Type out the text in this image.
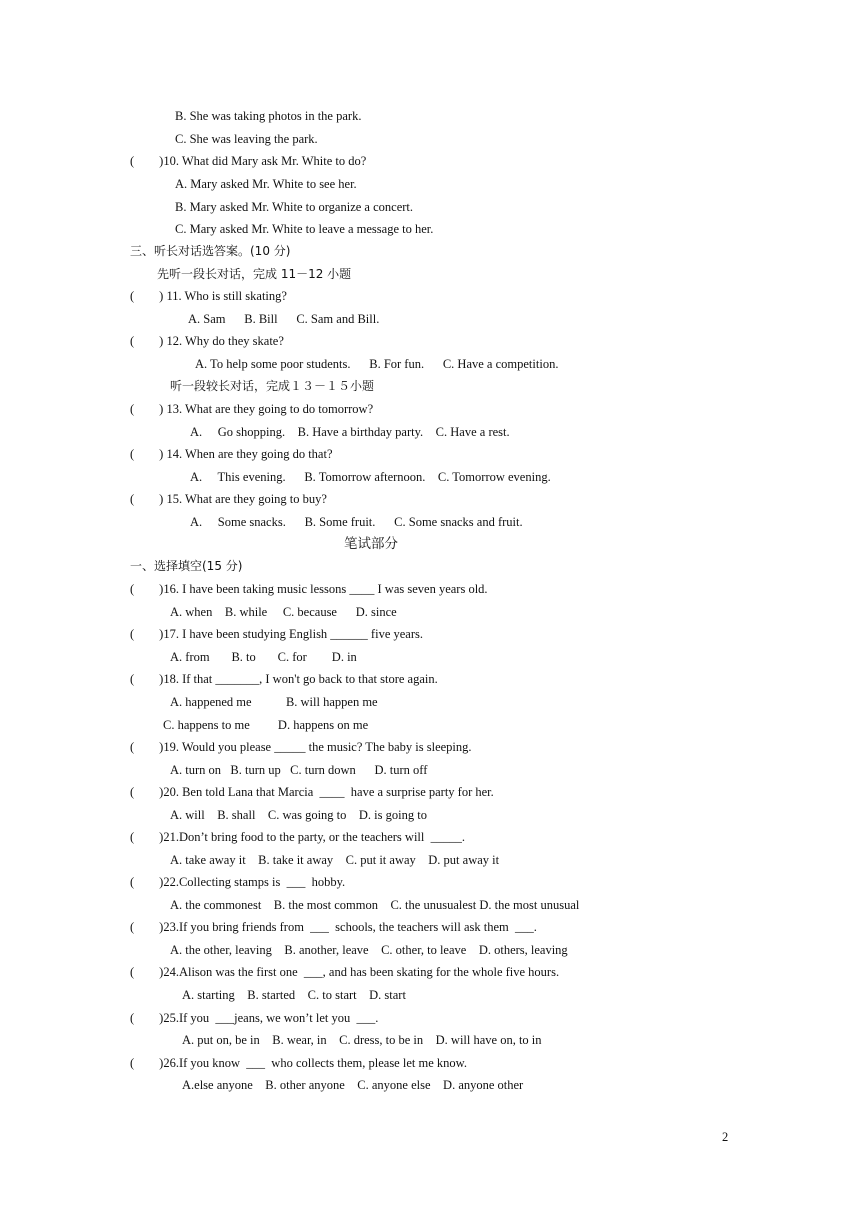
B. She was taking photos in the park.
C. She was leaving the park.
(        )10. What did Mary ask Mr. White to do?
A. Mary asked Mr. White to see her.
B. Mary asked Mr. White to organize a concert.
C. Mary asked Mr. White to leave a message to her.
三、听长对话选答案。(10 分)
先听一段长对话，完成 11－12 小题
(        ) 11. Who is still skating?
A. Sam      B. Bill      C. Sam and Bill.
(        ) 12. Why do they skate?
A. To help some poor students.      B. For fun.      C. Have a competition.
听一段较长对话，完成１３－１５小题
(        ) 13. What are they going to do tomorrow?
A.     Go shopping.    B. Have a birthday party.    C. Have a rest.
(        ) 14. When are they going do that?
A.     This evening.      B. Tomorrow afternoon.    C. Tomorrow evening.
(        ) 15. What are they going to buy?
A.     Some snacks.      B. Some fruit.      C. Some snacks and fruit.
笔试部分
一、选择填空(15 分)
(        )16. I have been taking music lessons ____ I was seven years old.
A. when    B. while     C. because      D. since
(        )17. I have been studying English ______ five years.
A. from       B. to       C. for        D. in
(        )18. If that _______, I won't go back to that store again.
A. happened me           B. will happen me
C. happens to me         D. happens on me
(        )19. Would you please _____ the music? The baby is sleeping.
A. turn on   B. turn up   C. turn down      D. turn off
(        )20. Ben told Lana that Marcia  ____  have a surprise party for her.
A. will    B. shall    C. was going to    D. is going to
(        )21.Don’t bring food to the party, or the teachers will  _____.
A. take away it    B. take it away    C. put it away    D. put away it
(        )22.Collecting stamps is  ___  hobby.
A. the commonest    B. the most common    C. the unusualest D. the most unusual
(        )23.If you bring friends from  ___  schools, the teachers will ask them  ___.
A. the other, leaving    B. another, leave    C. other, to leave    D. others, leaving
(        )24.Alison was the first one  ___, and has been skating for the whole five hours.
A. starting    B. started    C. to start    D. start
(        )25.If you  ___jeans, we won’t let you  ___.
A. put on, be in    B. wear, in    C. dress, to be in    D. will have on, to in
(        )26.If you know  ___  who collects them, please let me know.
A.else anyone    B. other anyone    C. anyone else    D. anyone other
2
